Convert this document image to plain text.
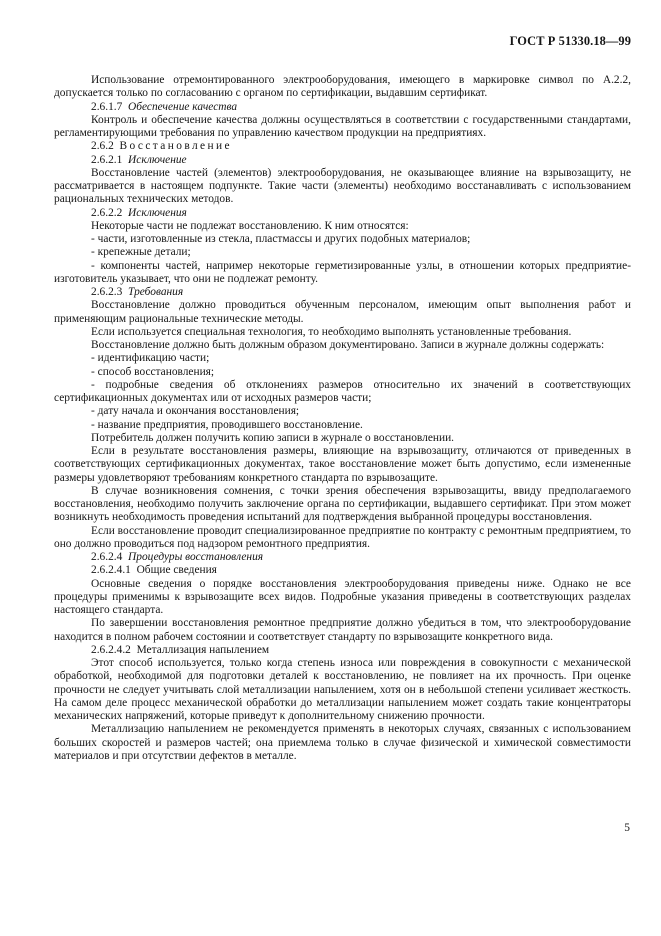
ГОСТ Р 51330.18—99

Использование отремонтированного электрооборудования, имеющего в маркировке символ по А.2.2, допускается только по согласованию с органом по сертификации, выдавшим сертификат.

2.6.1.7  Обеспечение качества

Контроль и обеспечение качества должны осуществляться в соответствии с государственными стандартами, регламентирующими требования по управлению качеством продукции на предприятиях.

2.6.2  Восстановление

2.6.2.1  Исключение

Восстановление частей (элементов) электрооборудования, не оказывающее влияние на взрывозащиту, не рассматривается в настоящем подпункте. Такие части (элементы) необходимо восстанавливать с использованием рациональных технических методов.

2.6.2.2  Исключения

Некоторые части не подлежат восстановлению. К ним относятся:

- части, изготовленные из стекла, пластмассы и других подобных материалов;

- крепежные детали;

- компоненты частей, например некоторые герметизированные узлы, в отношении которых предприятие-изготовитель указывает, что они не подлежат ремонту.

2.6.2.3  Требования

Восстановление должно проводиться обученным персоналом, имеющим опыт выполнения работ и применяющим рациональные технические методы.

Если используется специальная технология, то необходимо выполнять установленные требования.

Восстановление должно быть должным образом документировано. Записи в журнале должны содержать:

- идентификацию части;

- способ восстановления;

- подробные сведения об отклонениях размеров относительно их значений в соответствующих сертификационных документах или от исходных размеров части;

- дату начала и окончания восстановления;

- название предприятия, проводившего восстановление.

Потребитель должен получить копию записи в журнале о восстановлении.

Если в результате восстановления размеры, влияющие на взрывозащиту, отличаются от приведенных в соответствующих сертификационных документах, такое восстановление может быть допустимо, если измененные размеры удовлетворяют требованиям конкретного стандарта по взрывозащите.

В случае возникновения сомнения, с точки зрения обеспечения взрывозащиты, ввиду предполагаемого восстановления, необходимо получить заключение органа по сертификации, выдавшего сертификат. При этом может возникнуть необходимость проведения испытаний для подтверждения выбранной процедуры восстановления.

Если восстановление проводит специализированное предприятие по контракту с ремонтным предприятием, то оно должно проводиться под надзором ремонтного предприятия.

2.6.2.4  Процедуры восстановления

2.6.2.4.1  Общие сведения

Основные сведения о порядке восстановления электрооборудования приведены ниже. Однако не все процедуры применимы к взрывозащите всех видов. Подробные указания приведены в соответствующих разделах настоящего стандарта.

По завершении восстановления ремонтное предприятие должно убедиться в том, что электрооборудование находится в полном рабочем состоянии и соответствует стандарту по взрывозащите конкретного вида.

2.6.2.4.2  Металлизация напылением

Этот способ используется, только когда степень износа или повреждения в совокупности с механической обработкой, необходимой для подготовки деталей к восстановлению, не повлияет на их прочность. При оценке прочности не следует учитывать слой металлизации напылением, хотя он в небольшой степени усиливает жесткость. На самом деле процесс механической обработки до металлизации напылением может создать такие концентраторы механических напряжений, которые приведут к дополнительному снижению прочности.

Металлизацию напылением не рекомендуется применять в некоторых случаях, связанных с использованием больших скоростей и размеров частей; она приемлема только в случае физической и химической совместимости материалов и при отсутствии дефектов в металле.

5
